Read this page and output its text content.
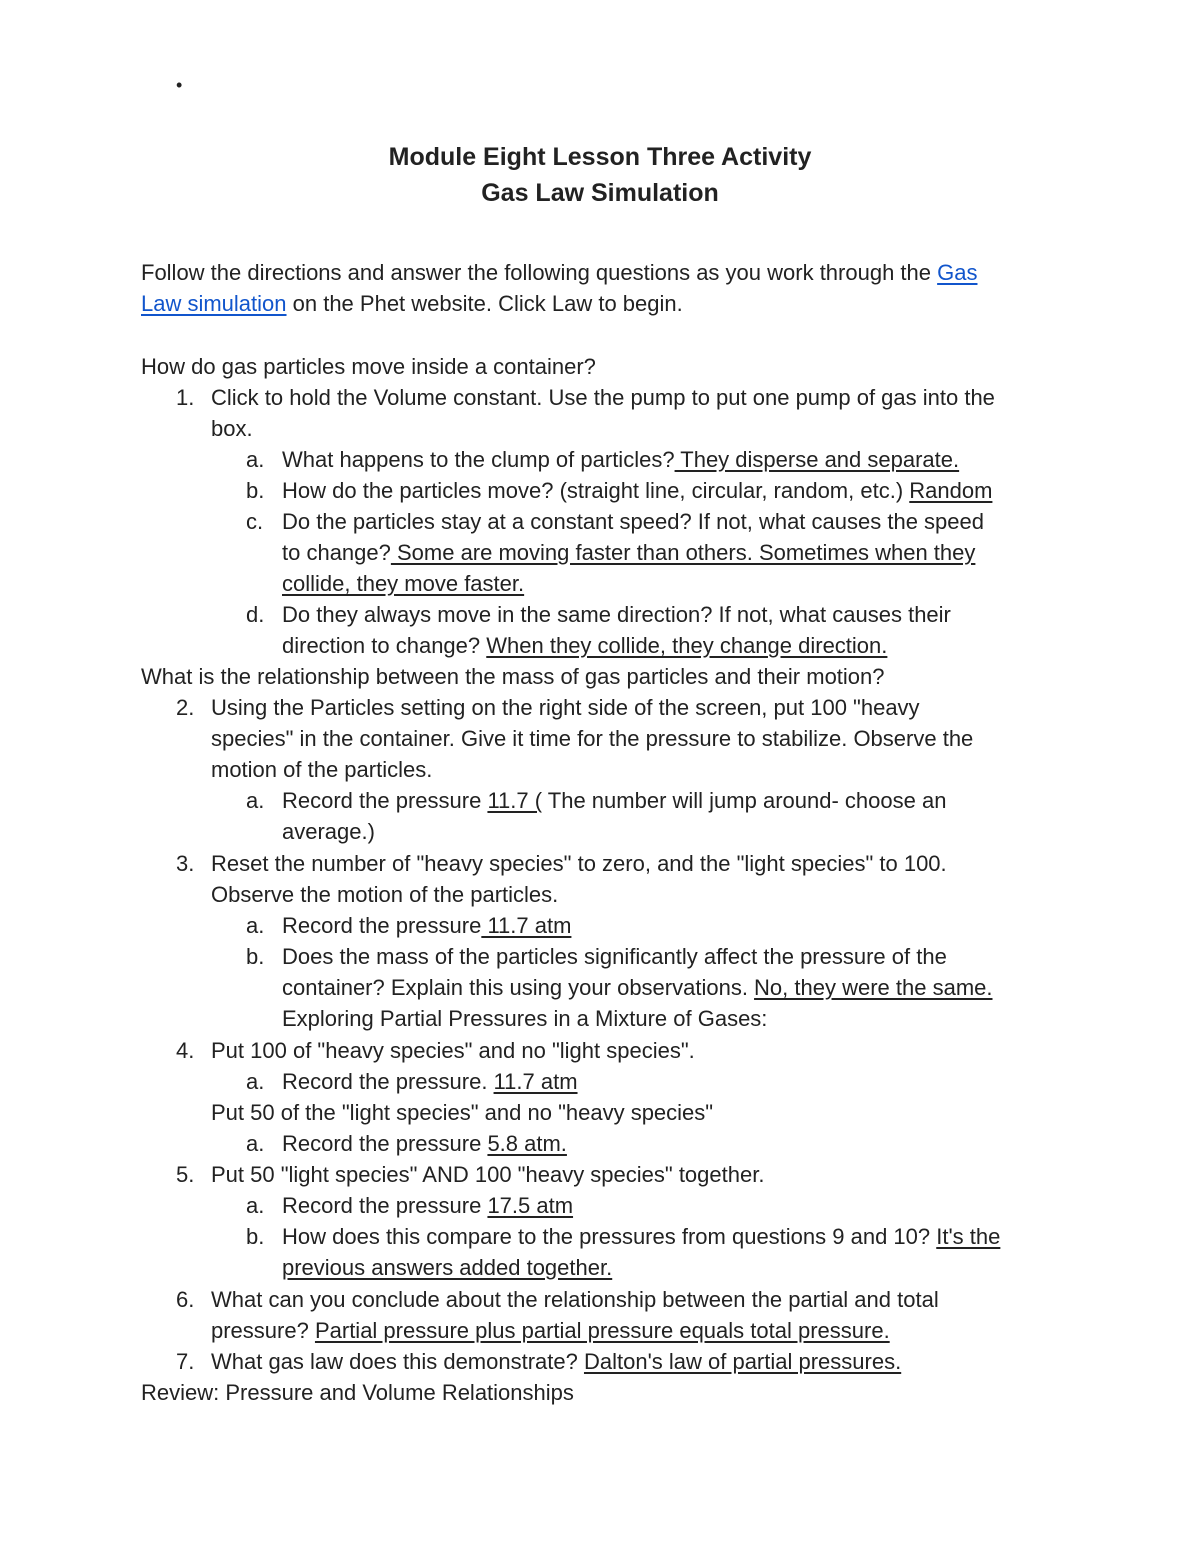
•
Module Eight Lesson Three Activity
Gas Law Simulation
Follow the directions and answer the following questions as you work through the Gas
Law simulation on the Phet website. Click Law to begin.
How do gas particles move inside a container?
1. Click to hold the Volume constant. Use the pump to put one pump of gas into the
box.
a. What happens to the clump of particles? They disperse and separate.
b. How do the particles move? (straight line, circular, random, etc.) Random
c. Do the particles stay at a constant speed? If not, what causes the speed
to change? Some are moving faster than others. Sometimes when they
collide, they move faster.
d. Do they always move in the same direction? If not, what causes their
direction to change? When they collide, they change direction.
What is the relationship between the mass of gas particles and their motion?
2. Using the Particles setting on the right side of the screen, put 100 "heavy
species" in the container. Give it time for the pressure to stabilize. Observe the
motion of the particles.
a. Record the pressure 11.7 ( The number will jump around- choose an
average.)
3. Reset the number of "heavy species" to zero, and the "light species" to 100.
Observe the motion of the particles.
a. Record the pressure 11.7 atm
b. Does the mass of the particles significantly affect the pressure of the
container? Explain this using your observations. No, they were the same.
Exploring Partial Pressures in a Mixture of Gases:
4. Put 100 of "heavy species" and no "light species".
a. Record the pressure. 11.7 atm
Put 50 of the "light species" and no "heavy species"
a. Record the pressure 5.8 atm.
5. Put 50 "light species" AND 100 "heavy species" together.
a. Record the pressure 17.5 atm
b. How does this compare to the pressures from questions 9 and 10? It's the
previous answers added together.
6. What can you conclude about the relationship between the partial and total
pressure? Partial pressure plus partial pressure equals total pressure.
7. What gas law does this demonstrate? Dalton's law of partial pressures.
Review: Pressure and Volume Relationships
